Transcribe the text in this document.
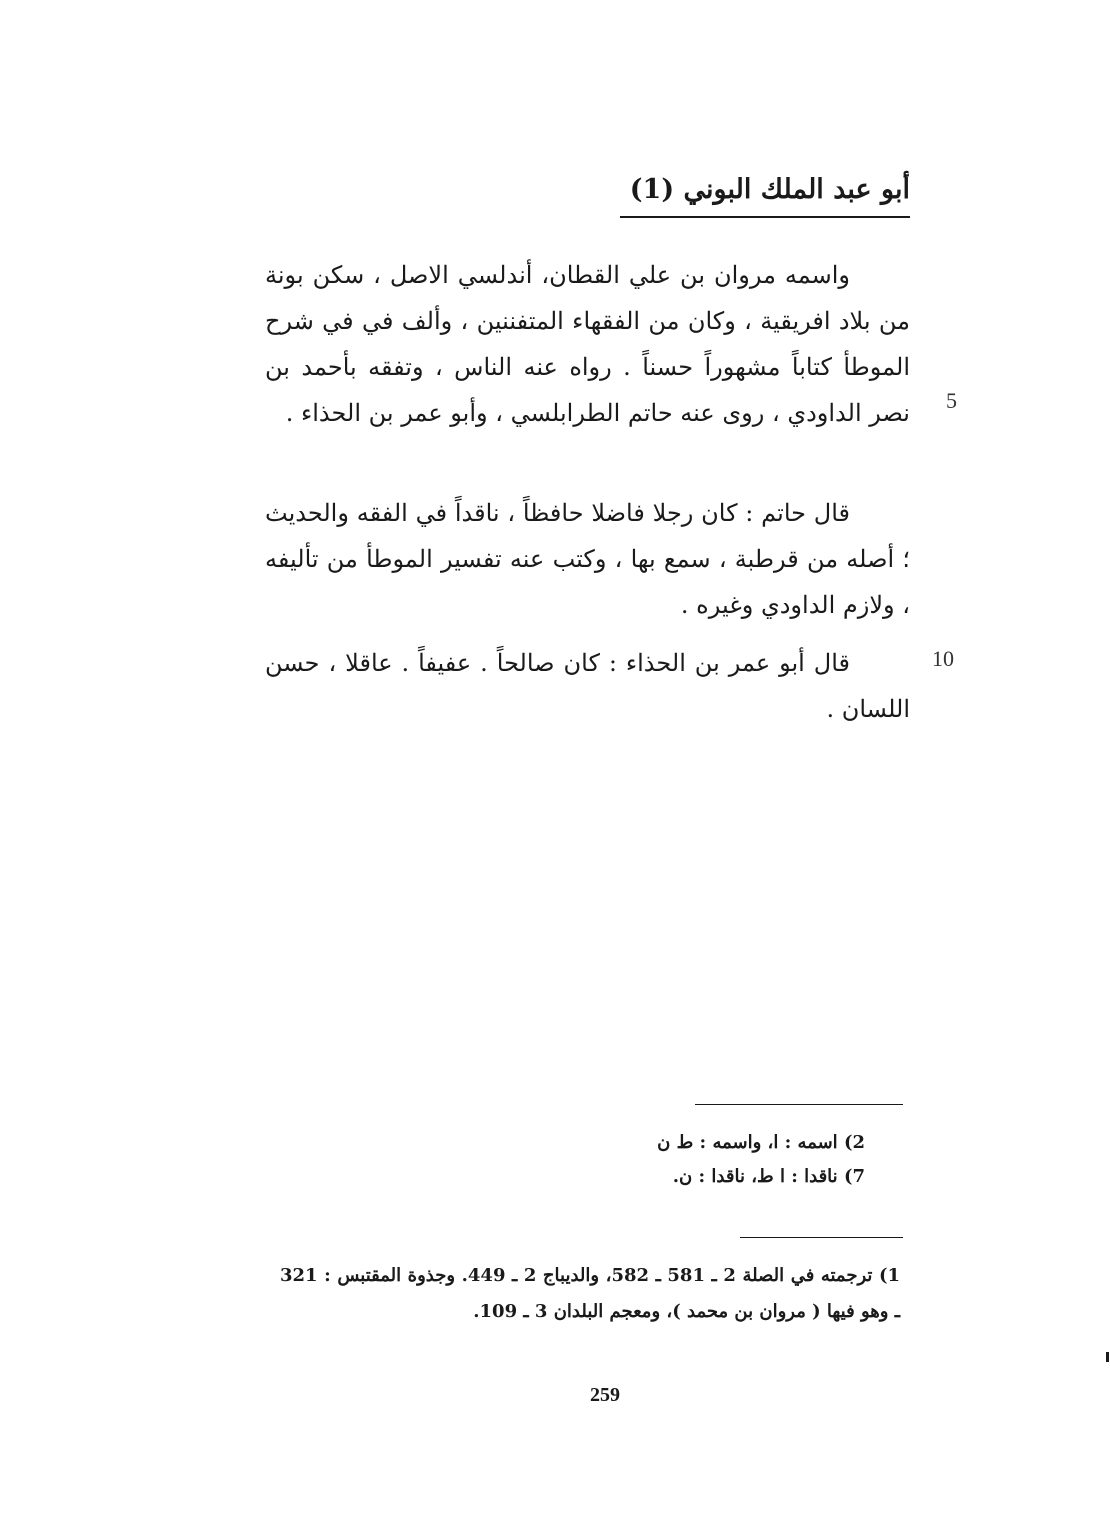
أبو عبد الملك البوني (1)

واسمه مروان بن علي القطان، أندلسي الاصل ، سكن بونة من بلاد افريقية ، وكان من الفقهاء المتفننين ، وألف في في شرح الموطأ كتاباً مشهوراً حسناً . رواه عنه الناس ، وتفقه بأحمد بن نصر الداودي ، روى عنه حاتم الطرابلسي ، وأبو عمر بن الحذاء .

قال حاتم : كان رجلا فاضلا حافظاً ، ناقداً في الفقه والحديث ؛ أصله من قرطبة ، سمع بها ، وكتب عنه تفسير الموطأ من تأليفه ، ولازم الداودي وغيره .

قال أبو عمر بن الحذاء : كان صالحاً . عفيفاً . عاقلا ، حسن اللسان .

5
10
2) اسمه : ا، واسمه : ط ن
7) ناقدا : ا ط، ناقدا : ن.
1) ترجمته في الصلة 2 ـ 581 ـ 582، والديباج 2 ـ 449. وجذوة المقتبس : 321 ـ وهو فيها ( مروان بن محمد )، ومعجم البلدان 3 ـ 109.
259
